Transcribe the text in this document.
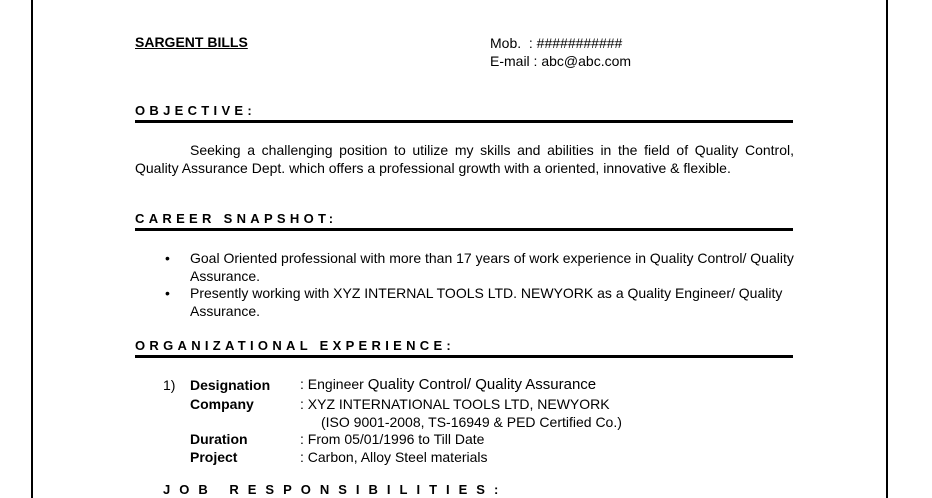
SARGENT BILLS	Mob.  : ###########
E-mail : abc@abc.com
OBJECTIVE:
Seeking a challenging position to utilize my skills and abilities in the field of Quality Control, Quality Assurance Dept. which offers a professional growth with a oriented, innovative & flexible.
CAREER SNAPSHOT:
• Goal Oriented professional with more than 17 years of work experience in Quality Control/ Quality Assurance.
• Presently working with XYZ INTERNAL TOOLS LTD. NEWYORK as a Quality Engineer/ Quality Assurance.
ORGANIZATIONAL EXPERIENCE:
1) Designation : Engineer Quality Control/ Quality Assurance
Company	: XYZ INTERNATIONAL TOOLS LTD, NEWYORK
(ISO 9001-2008, TS-16949 & PED Certified Co.)
Duration	: From 05/01/1996 to Till Date
Project	: Carbon, Alloy Steel materials
JOB RESPONSIBILITIES:
